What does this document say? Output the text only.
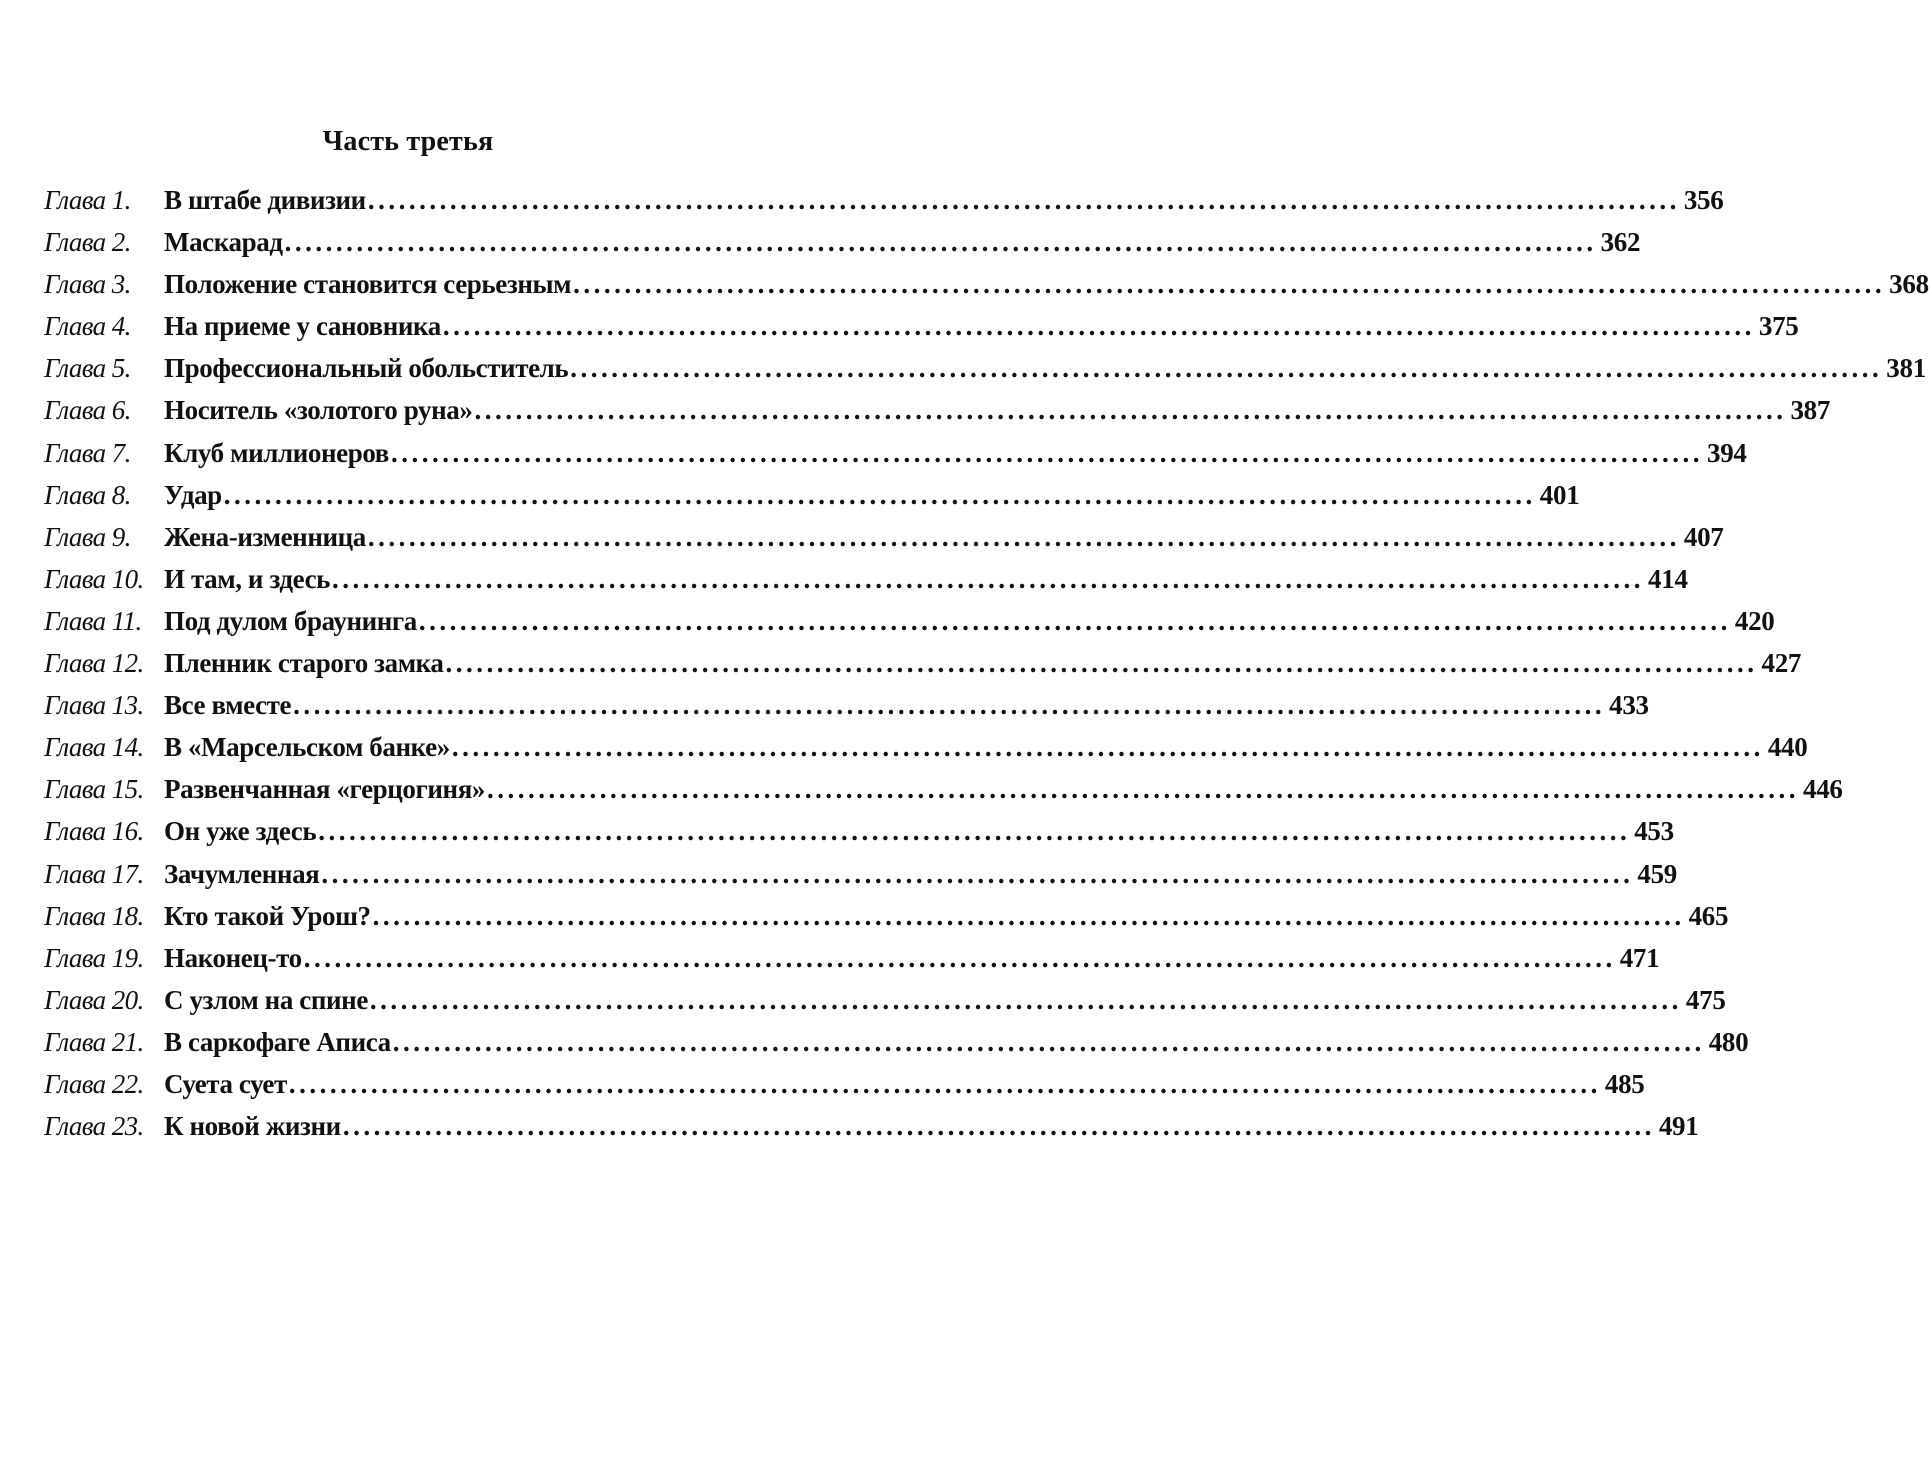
Часть третья
Глава 1.	В штабе дивизии .....	356
Глава 2.	Маскарад .....	362
Глава 3.	Положение становится серьезным .....	368
Глава 4.	На приеме у сановника .....	375
Глава 5.	Профессиональный обольститель .....	381
Глава 6.	Носитель «золотого руна» .....	387
Глава 7.	Клуб миллионеров .....	394
Глава 8.	Удар .....	401
Глава 9.	Жена-изменница .....	407
Глава 10. И там, и здесь .....	414
Глава 11. Под дулом браунинга .....	420
Глава 12. Пленник старого замка .....	427
Глава 13. Все вместе .....	433
Глава 14. В «Марсельском банке» .....	440
Глава 15. Развенчанная «герцогиня» .....	446
Глава 16. Он уже здесь .....	453
Глава 17. Зачумленная .....	459
Глава 18. Кто такой Урош? .....	465
Глава 19. Наконец-то .....	471
Глава 20. С узлом на спине .....	475
Глава 21. В саркофаге Аписа .....	480
Глава 22. Суета сует .....	485
Глава 23. К новой жизни .....	491
